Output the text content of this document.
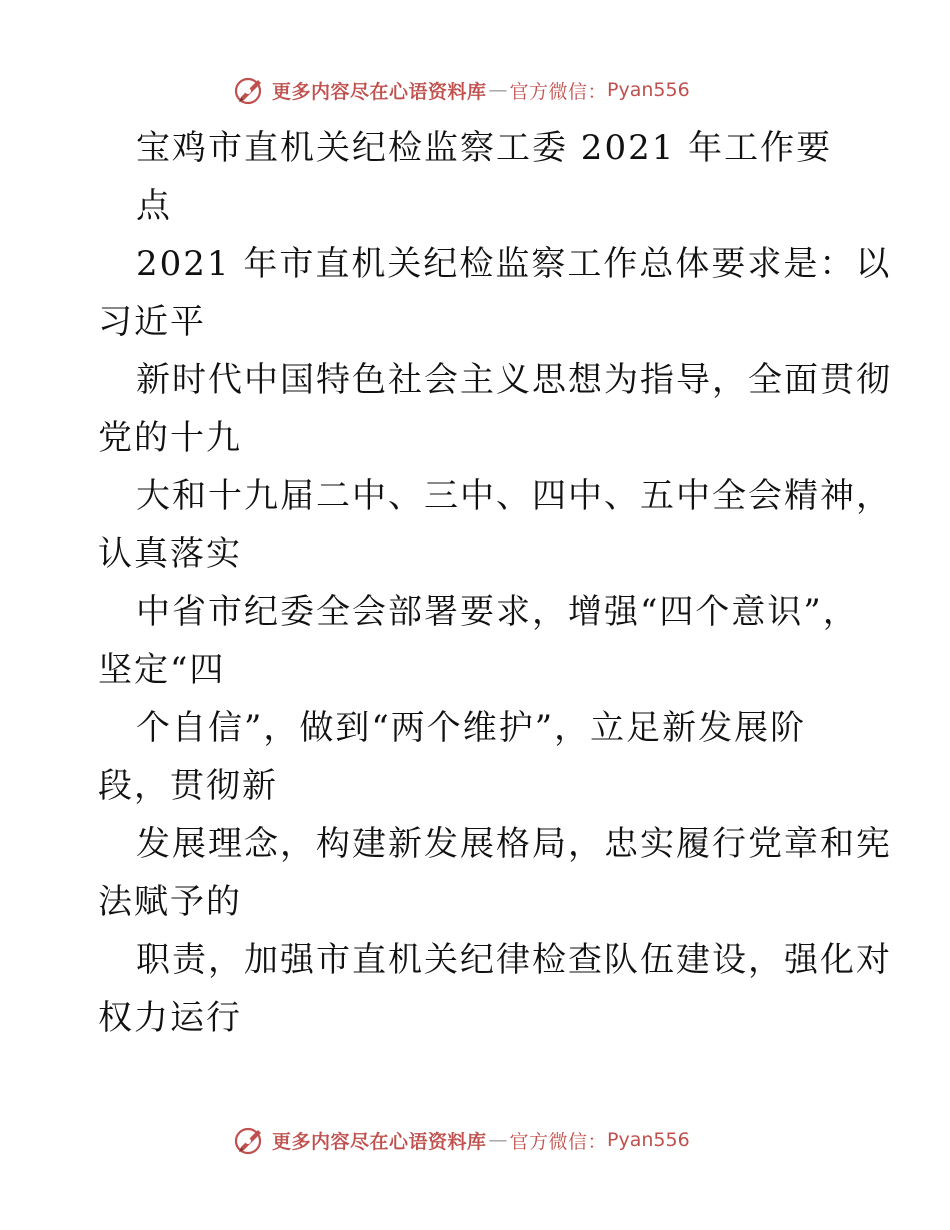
更多内容尽在心语资料库 — 官方微信： Pyan556
宝鸡市直机关纪检监察工委 2021 年工作要
点
2021 年市直机关纪检监察工作总体要求是：以
习近平
新时代中国特色社会主义思想为指导，全面贯彻
党的十九
大和十九届二中、三中、四中、五中全会精神，
认真落实
中省市纪委全会部署要求，增强“四个意识”，
坚定“四
个自信”，做到“两个维护”，立足新发展阶
段，贯彻新
发展理念，构建新发展格局，忠实履行党章和宪
法赋予的
职责，加强市直机关纪律检查队伍建设，强化对
权力运行
更多内容尽在心语资料库 — 官方微信： Pyan556
